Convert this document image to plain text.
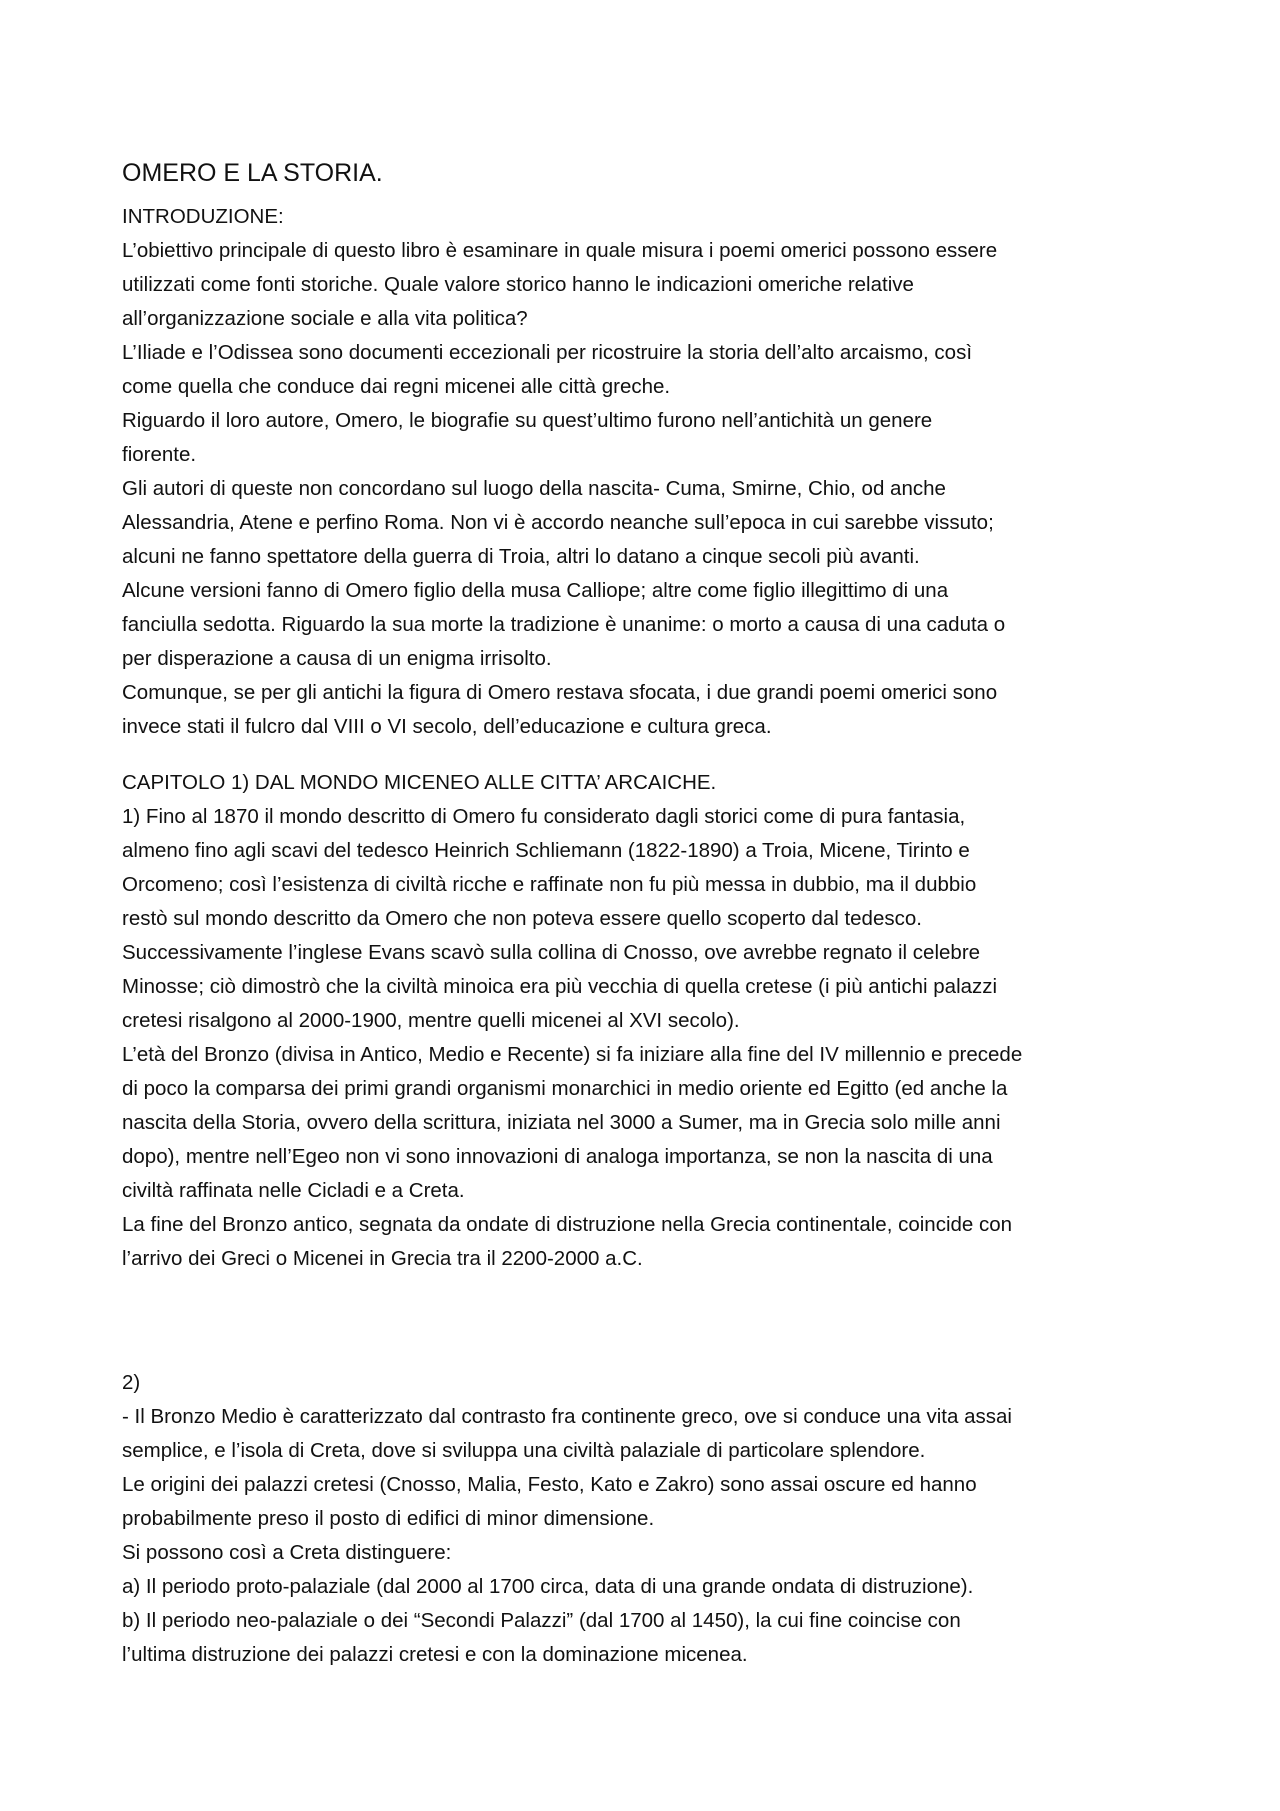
OMERO E LA STORIA.
INTRODUZIONE:
L’obiettivo principale di questo libro è esaminare in quale misura i poemi omerici possono essere
utilizzati come fonti storiche. Quale valore storico hanno le indicazioni omeriche relative
all’organizzazione sociale e alla vita politica?
L’Iliade e l’Odissea sono documenti eccezionali per ricostruire la storia dell’alto arcaismo, così
come quella che conduce dai regni micenei alle città greche.
Riguardo il loro autore, Omero, le biografie su quest’ultimo furono nell’antichità un genere
fiorente.
Gli autori di queste non concordano sul luogo della nascita- Cuma, Smirne, Chio, od anche
Alessandria, Atene e perfino Roma. Non vi è accordo neanche sull’epoca in cui sarebbe vissuto;
alcuni ne fanno spettatore della guerra di Troia, altri lo datano a cinque secoli più avanti.
Alcune versioni fanno di Omero figlio della musa Calliope; altre come figlio illegittimo di una
fanciulla sedotta. Riguardo la sua morte la tradizione è unanime: o morto a causa di una caduta o
per disperazione a causa di un enigma irrisolto.
Comunque, se per gli antichi la figura di Omero restava sfocata, i due grandi poemi omerici sono
invece stati il fulcro dal VIII o VI secolo, dell’educazione e cultura greca.
CAPITOLO 1) DAL MONDO MICENEO ALLE CITTA’ ARCAICHE.
1) Fino al 1870 il mondo descritto di Omero fu considerato dagli storici come di pura fantasia,
almeno fino agli scavi del tedesco Heinrich Schliemann (1822-1890) a Troia, Micene, Tirinto e
Orcomeno; così l’esistenza di civiltà ricche e raffinate non fu più messa in dubbio, ma il dubbio
restò sul mondo descritto da Omero che non poteva essere quello scoperto dal tedesco.
Successivamente l’inglese Evans scavò sulla collina di Cnosso, ove avrebbe regnato il celebre
Minosse; ciò dimostrò che la civiltà minoica era più vecchia di quella cretese (i più antichi palazzi
cretesi risalgono al 2000-1900, mentre quelli micenei al XVI secolo).
L’età del Bronzo (divisa in Antico, Medio e Recente) si fa iniziare alla fine del IV millennio e precede
di poco la comparsa dei primi grandi organismi monarchici in medio oriente ed Egitto (ed anche la
nascita della Storia, ovvero della scrittura, iniziata nel 3000 a Sumer, ma in Grecia solo mille anni
dopo), mentre nell’Egeo non vi sono innovazioni di analoga importanza, se non la nascita di una
civiltà raffinata nelle Cicladi e a Creta.
La fine del Bronzo antico, segnata da ondate di distruzione nella Grecia continentale, coincide con
l’arrivo dei Greci o Micenei in Grecia tra il 2200-2000 a.C.
2)
- Il Bronzo Medio è caratterizzato dal contrasto fra continente greco, ove si conduce una vita assai
semplice, e l’isola di Creta, dove si sviluppa una civiltà palaziale di particolare splendore.
Le origini dei palazzi cretesi (Cnosso, Malia, Festo, Kato e Zakro) sono assai oscure ed hanno
probabilmente preso il posto di edifici di minor dimensione.
Si possono così a Creta distinguere:
a) Il periodo proto-palaziale (dal 2000 al 1700 circa, data di una grande ondata di distruzione).
b) Il periodo neo-palaziale o dei “Secondi Palazzi” (dal 1700 al 1450), la cui fine coincise con
l’ultima distruzione dei palazzi cretesi e con la dominazione micenea.
